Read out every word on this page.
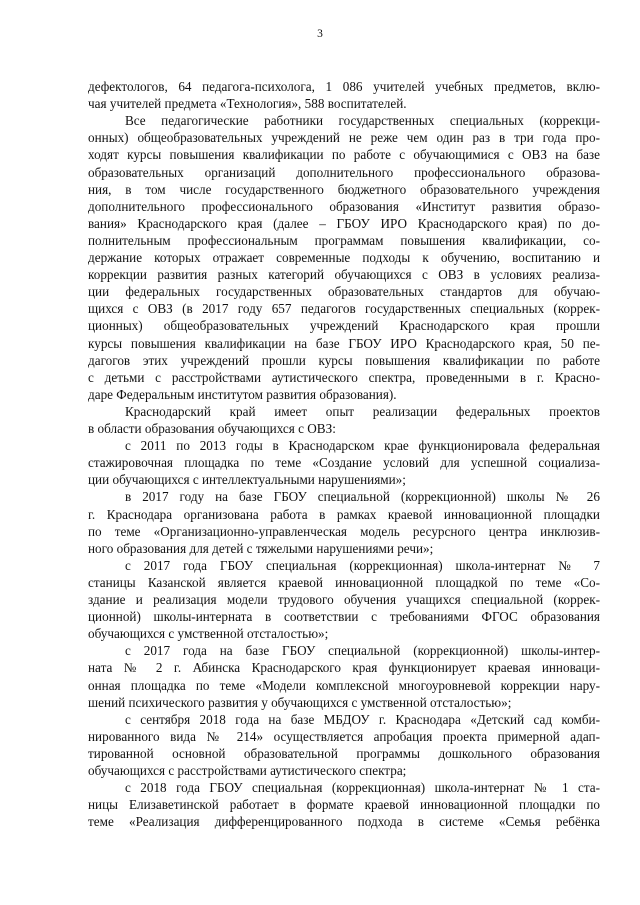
3
дефектологов, 64 педагога-психолога, 1 086 учителей учебных предметов, вклю-
чая учителей предмета «Технология», 588 воспитателей.
Все педагогические работники государственных специальных (коррекци-
онных) общеобразовательных учреждений не реже чем один раз в три года про-
ходят курсы повышения квалификации по работе с обучающимися с ОВЗ на базе
образовательных организаций дополнительного профессионального образова-
ния, в том числе государственного бюджетного образовательного учреждения
дополнительного профессионального образования «Институт развития образо-
вания» Краснодарского края (далее – ГБОУ ИРО Краснодарского края) по до-
полнительным профессиональным программам повышения квалификации, со-
держание которых отражает современные подходы к обучению, воспитанию и
коррекции развития разных категорий обучающихся с ОВЗ в условиях реализа-
ции федеральных государственных образовательных стандартов для обучаю-
щихся с ОВЗ (в 2017 году 657 педагогов государственных специальных (коррек-
ционных) общеобразовательных учреждений Краснодарского края прошли
курсы повышения квалификации на базе ГБОУ ИРО Краснодарского края, 50 пе-
дагогов этих учреждений прошли курсы повышения квалификации по работе
с детьми с расстройствами аутистического спектра, проведенными в г. Красно-
даре Федеральным институтом развития образования).
Краснодарский край имеет опыт реализации федеральных проектов
в области образования обучающихся с ОВЗ:
с 2011 по 2013 годы в Краснодарском крае функционировала федеральная
стажировочная площадка по теме «Создание условий для успешной социализа-
ции обучающихся с интеллектуальными нарушениями»;
в 2017 году на базе ГБОУ специальной (коррекционной) школы № 26
г. Краснодара организована работа в рамках краевой инновационной площадки
по теме «Организационно-управленческая модель ресурсного центра инклюзив-
ного образования для детей с тяжелыми нарушениями речи»;
с 2017 года ГБОУ специальная (коррекционная) школа-интернат № 7
станицы Казанской является краевой инновационной площадкой по теме «Со-
здание и реализация модели трудового обучения учащихся специальной (коррек-
ционной) школы-интерната в соответствии с требованиями ФГОС образования
обучающихся с умственной отсталостью»;
с 2017 года на базе ГБОУ специальной (коррекционной) школы-интер-
ната № 2 г. Абинска Краснодарского края функционирует краевая инноваци-
онная площадка по теме «Модели комплексной многоуровневой коррекции нару-
шений психического развития у обучающихся с умственной отсталостью»;
с сентября 2018 года на базе МБДОУ г. Краснодара «Детский сад комби-
нированного вида № 214» осуществляется апробация проекта примерной адап-
тированной основной образовательной программы дошкольного образования
обучающихся с расстройствами аутистического спектра;
с 2018 года ГБОУ специальная (коррекционная) школа-интернат № 1 ста-
ницы Елизаветинской работает в формате краевой инновационной площадки по
теме «Реализация дифференцированного подхода в системе «Семья ребёнка
